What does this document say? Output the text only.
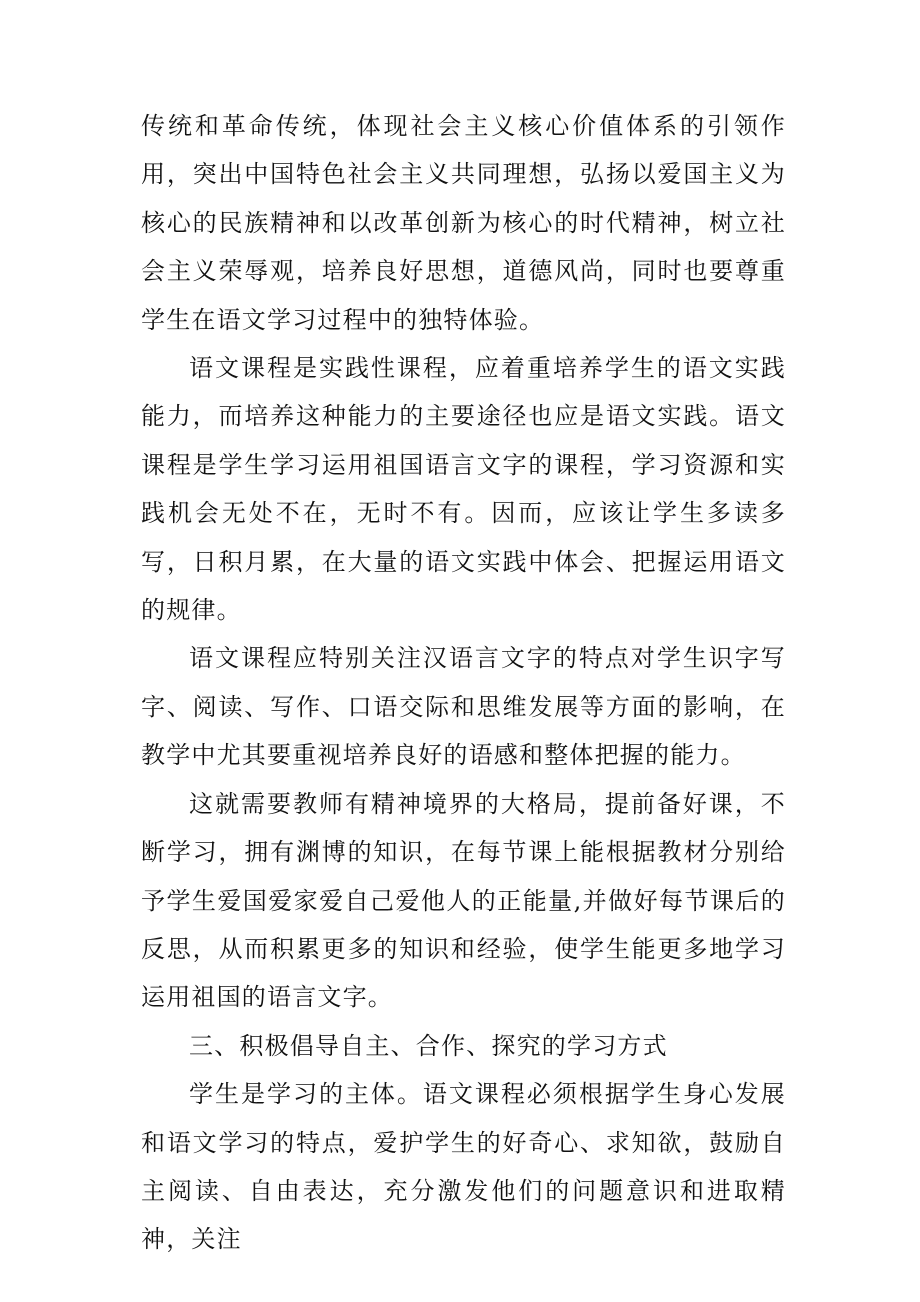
传统和革命传统，体现社会主义核心价值体系的引领作用，突出中国特色社会主义共同理想，弘扬以爱国主义为核心的民族精神和以改革创新为核心的时代精神，树立社会主义荣辱观，培养良好思想，道德风尚，同时也要尊重学生在语文学习过程中的独特体验。

语文课程是实践性课程，应着重培养学生的语文实践能力，而培养这种能力的主要途径也应是语文实践。语文课程是学生学习运用祖国语言文字的课程，学习资源和实践机会无处不在，无时不有。因而，应该让学生多读多写，日积月累，在大量的语文实践中体会、把握运用语文的规律。

语文课程应特别关注汉语言文字的特点对学生识字写字、阅读、写作、口语交际和思维发展等方面的影响，在教学中尤其要重视培养良好的语感和整体把握的能力。

这就需要教师有精神境界的大格局，提前备好课，不断学习，拥有渊博的知识，在每节课上能根据教材分别给予学生爱国爱家爱自己爱他人的正能量,并做好每节课后的反思，从而积累更多的知识和经验，使学生能更多地学习运用祖国的语言文字。

三、积极倡导自主、合作、探究的学习方式

学生是学习的主体。语文课程必须根据学生身心发展和语文学习的特点，爱护学生的好奇心、求知欲，鼓励自主阅读、自由表达，充分激发他们的问题意识和进取精神，关注
